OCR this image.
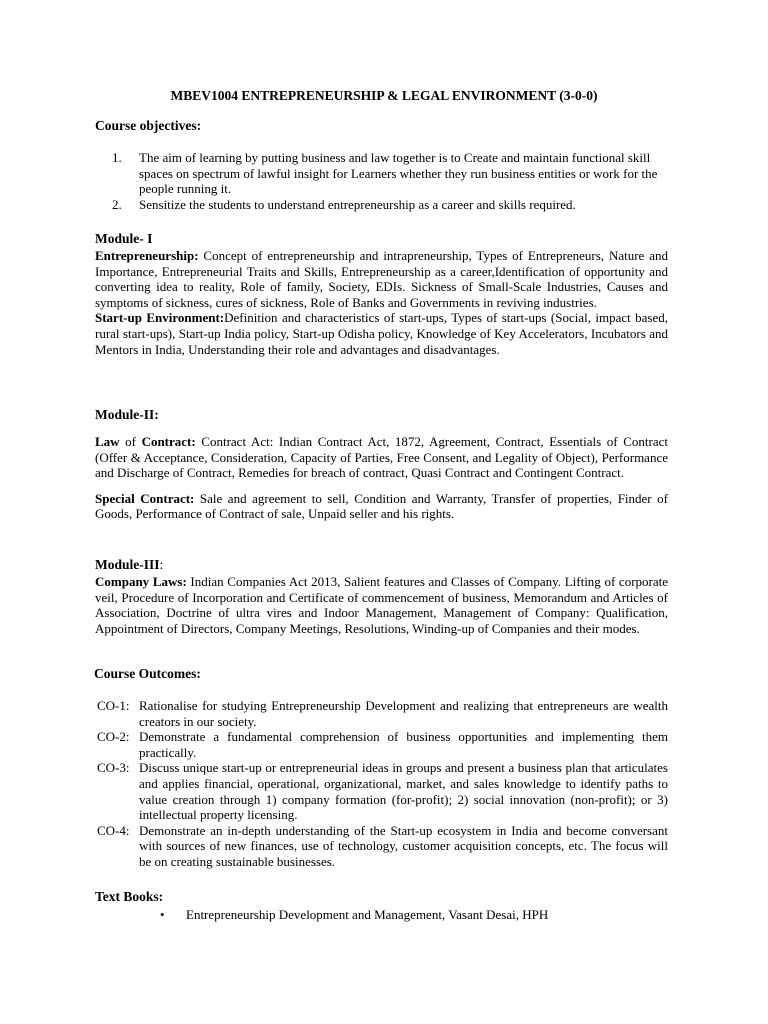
MBEV1004 ENTREPRENEURSHIP & LEGAL ENVIRONMENT (3-0-0)
Course objectives:
1. The aim of learning by putting business and law together is to Create and maintain functional skill spaces on spectrum of lawful insight for Learners whether they run business entities or work for the people running it.
2. Sensitize the students to understand entrepreneurship as a career and skills required.
Module- I
Entrepreneurship: Concept of entrepreneurship and intrapreneurship, Types of Entrepreneurs, Nature and Importance, Entrepreneurial Traits and Skills, Entrepreneurship as a career,Identification of opportunity and converting idea to reality, Role of family, Society, EDIs. Sickness of Small-Scale Industries, Causes and symptoms of sickness, cures of sickness, Role of Banks and Governments in reviving industries.
Start-up Environment:Definition and characteristics of start-ups, Types of start-ups (Social, impact based, rural start-ups), Start-up India policy, Start-up Odisha policy, Knowledge of Key Accelerators, Incubators and Mentors in India, Understanding their role and advantages and disadvantages.
Module-II:
Law of Contract: Contract Act: Indian Contract Act, 1872, Agreement, Contract, Essentials of Contract (Offer & Acceptance, Consideration, Capacity of Parties, Free Consent, and Legality of Object), Performance and Discharge of Contract, Remedies for breach of contract, Quasi Contract and Contingent Contract.
Special Contract: Sale and agreement to sell, Condition and Warranty, Transfer of properties, Finder of Goods, Performance of Contract of sale, Unpaid seller and his rights.
Module-III:
Company Laws: Indian Companies Act 2013, Salient features and Classes of Company. Lifting of corporate veil, Procedure of Incorporation and Certificate of commencement of business, Memorandum and Articles of Association, Doctrine of ultra vires and Indoor Management, Management of Company: Qualification, Appointment of Directors, Company Meetings, Resolutions, Winding-up of Companies and their modes.
Course Outcomes:
CO-1: Rationalise for studying Entrepreneurship Development and realizing that entrepreneurs are wealth creators in our society.
CO-2: Demonstrate a fundamental comprehension of business opportunities and implementing them practically.
CO-3: Discuss unique start-up or entrepreneurial ideas in groups and present a business plan that articulates and applies financial, operational, organizational, market, and sales knowledge to identify paths to value creation through 1) company formation (for-profit); 2) social innovation (non-profit); or 3) intellectual property licensing.
CO-4: Demonstrate an in-depth understanding of the Start-up ecosystem in India and become conversant with sources of new finances, use of technology, customer acquisition concepts, etc. The focus will be on creating sustainable businesses.
Text Books:
• Entrepreneurship Development and Management, Vasant Desai, HPH
